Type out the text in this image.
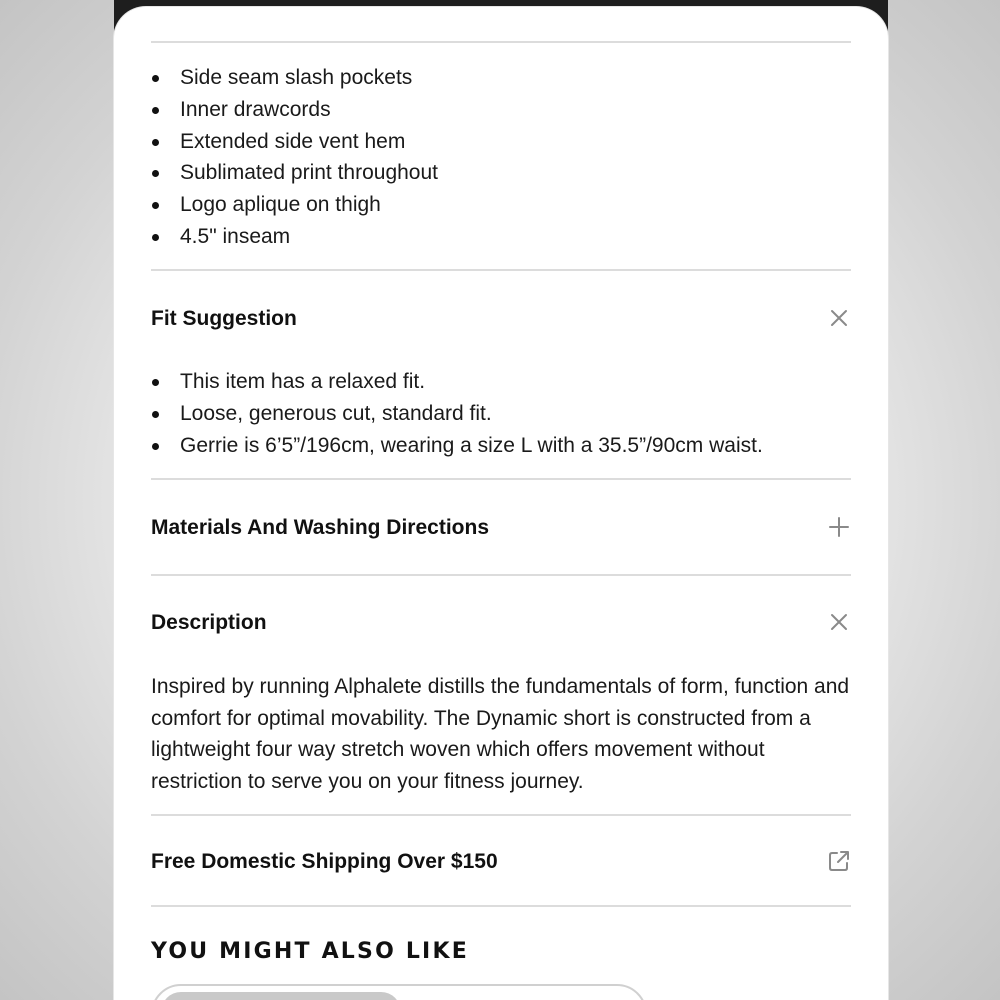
Side seam slash pockets
Inner drawcords
Extended side vent hem
Sublimated print throughout
Logo aplique on thigh
4.5" inseam
Fit Suggestion
This item has a relaxed fit.
Loose, generous cut, standard fit.
Gerrie is 6’5”/196cm, wearing a size L with a 35.5”/90cm waist.
Materials And Washing Directions
Description

Inspired by running Alphalete distills the fundamentals of form, function and comfort for optimal movability. The Dynamic short is constructed from a lightweight four way stretch woven which offers movement without restriction to serve you on your fitness journey.

Free Domestic Shipping Over $150
YOU MIGHT ALSO LIKE
